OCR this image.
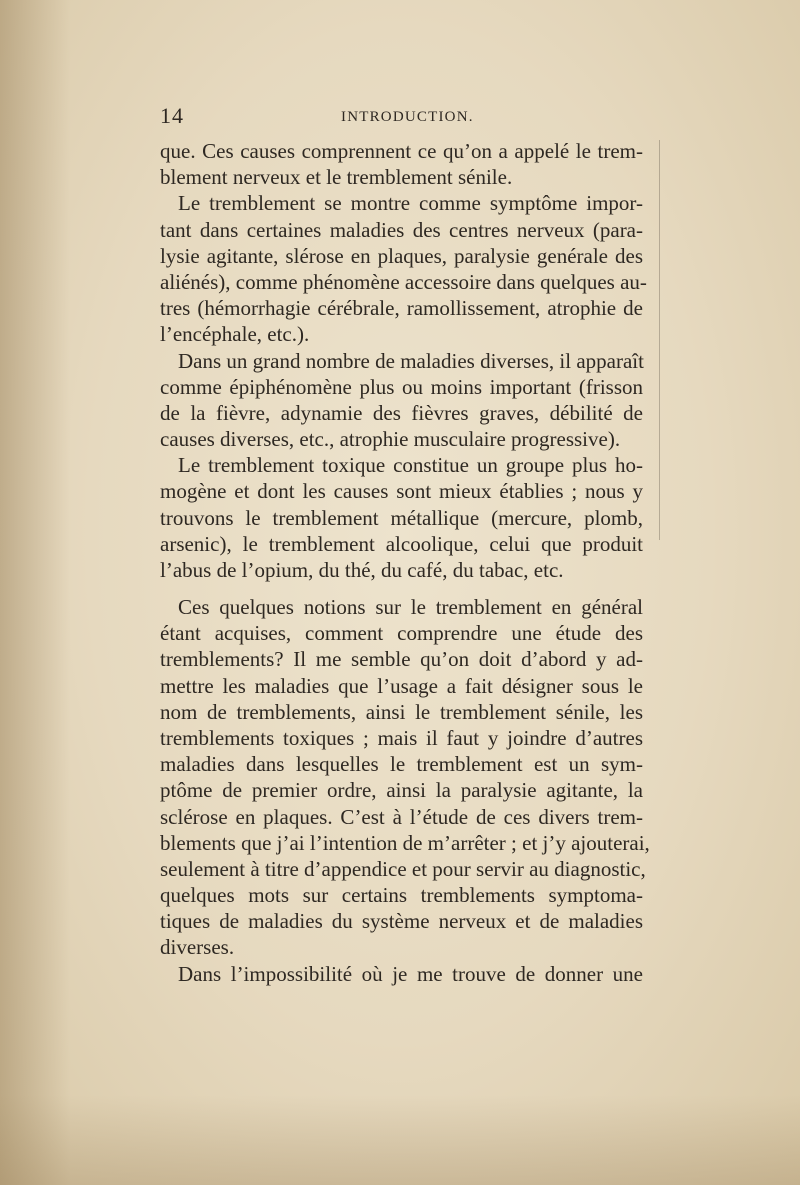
14	INTRODUCTION.
que. Ces causes comprennent ce qu’on a appelé le trem-
blement nerveux et le tremblement sénile.
Le tremblement se montre comme symptôme impor-
tant dans certaines maladies des centres nerveux (para-
lysie agitante, slérose en plaques, paralysie genérale des
aliénés), comme phénomène accessoire dans quelques au-
tres (hémorrhagie cérébrale, ramollissement, atrophie de
l’encéphale, etc.).
Dans un grand nombre de maladies diverses, il apparaît
comme épiphénomène plus ou moins important (frisson
de la fièvre, adynamie des fièvres graves, débilité de
causes diverses, etc., atrophie musculaire progressive).
Le tremblement toxique constitue un groupe plus ho-
mogène et dont les causes sont mieux établies ; nous y
trouvons le tremblement métallique (mercure, plomb,
arsenic), le tremblement alcoolique, celui que produit
l’abus de l’opium, du thé, du café, du tabac, etc.
Ces quelques notions sur le tremblement en général
étant acquises, comment comprendre une étude des
tremblements? Il me semble qu’on doit d’abord y ad-
mettre les maladies que l’usage a fait désigner sous le
nom de tremblements, ainsi le tremblement sénile, les
tremblements toxiques ; mais il faut y joindre d’autres
maladies dans lesquelles le tremblement est un sym-
ptôme de premier ordre, ainsi la paralysie agitante, la
sclérose en plaques. C’est à l’étude de ces divers trem-
blements que j’ai l’intention de m’arrêter ; et j’y ajouterai,
seulement à titre d’appendice et pour servir au diagnostic,
quelques mots sur certains tremblements symptoma-
tiques de maladies du système nerveux et de maladies
diverses.
Dans l’impossibilité où je me trouve de donner une
